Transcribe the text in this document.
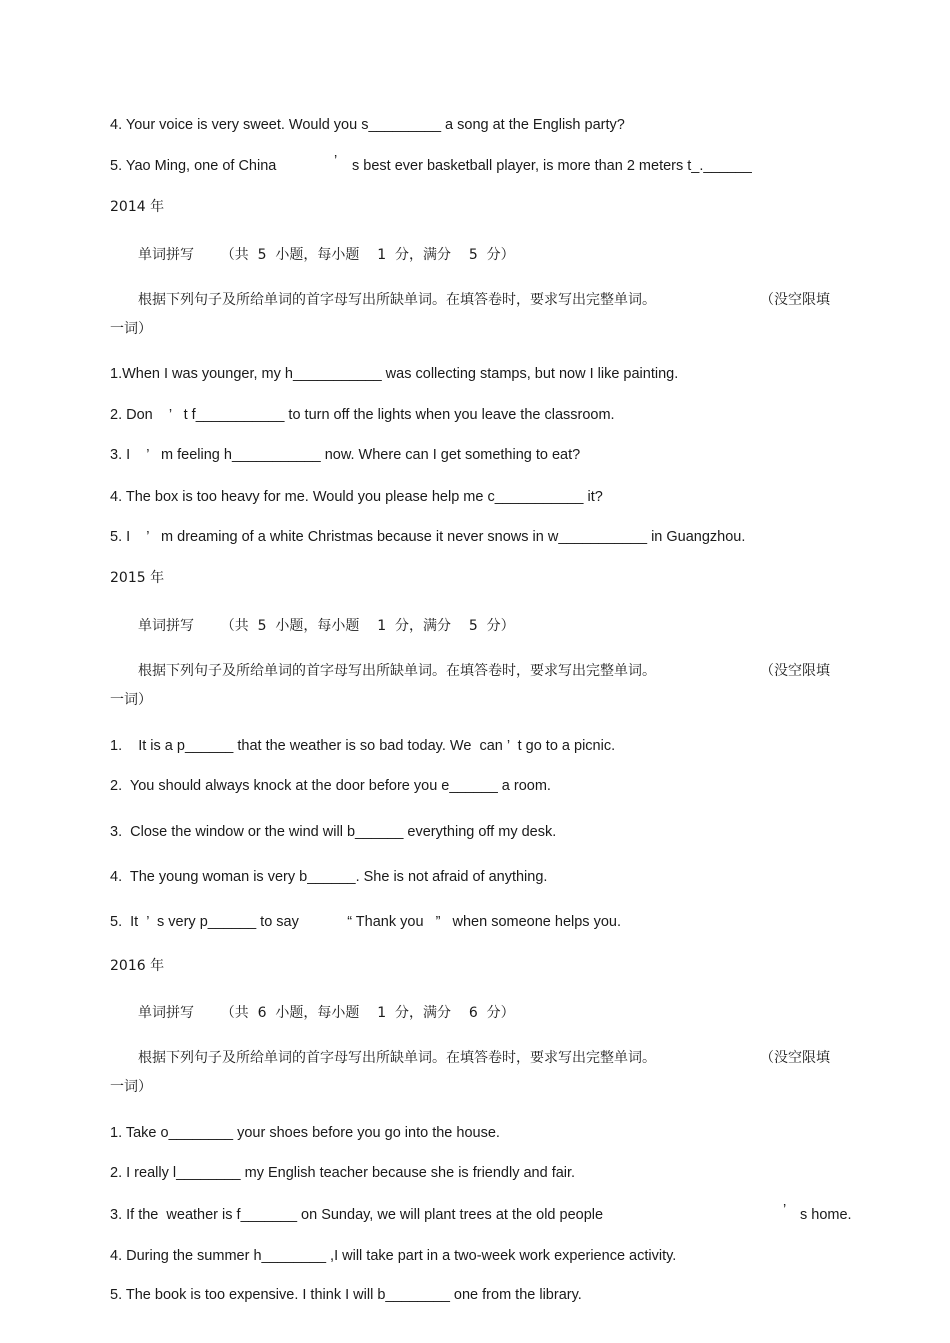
4. Your voice is very sweet. Would you s_________ a song at the English party?
5. Yao Ming, one of China	’ s best ever basketball player, is more than 2 meters t_.______
2014 年
单词拼写      （共  5  小题，每小题    1  分，满分    5  分）
根据下列句子及所给单词的首字母写出所缺单词。在填答卷时，要求写出完整单词。	（没空限填
一词）
1.When I was younger, my h___________ was collecting stamps, but now I like painting.
2. Don    ’   t f___________ to turn off the lights when you leave the classroom.
3. I    ’   m feeling h___________ now. Where can I get something to eat?
4. The box is too heavy for me. Would you please help me c___________ it?
5. I    ’   m dreaming of a white Christmas because it never snows in w___________ in Guangzhou.
2015 年
单词拼写      （共  5  小题，每小题    1  分，满分    5  分）
根据下列句子及所给单词的首字母写出所缺单词。在填答卷时，要求写出完整单词。	（没空限填
一词）
1.    It is a p______ that the weather is so bad today. We  can ’  t go to a picnic.
2.  You should always knock at the door before you e______ a room.
3.  Close the window or the wind will b______ everything off my desk.
4.  The young woman is very b______. She is not afraid of anything.
5.  It  ’  s very p______ to say            “ Thank you   ”   when someone helps you.
2016 年
单词拼写      （共  6  小题，每小题    1  分，满分    6  分）
根据下列句子及所给单词的首字母写出所缺单词。在填答卷时，要求写出完整单词。	（没空限填
一词）
1. Take o________ your shoes before you go into the house.
2. I really l________ my English teacher because she is friendly and fair.
3. If the  weather is f_______ on Sunday, we will plant trees at the old people	’ s home.
4. During the summer h________ ,I will take part in a two-week work experience activity.
5. The book is too expensive. I think I will b________ one from the library.
